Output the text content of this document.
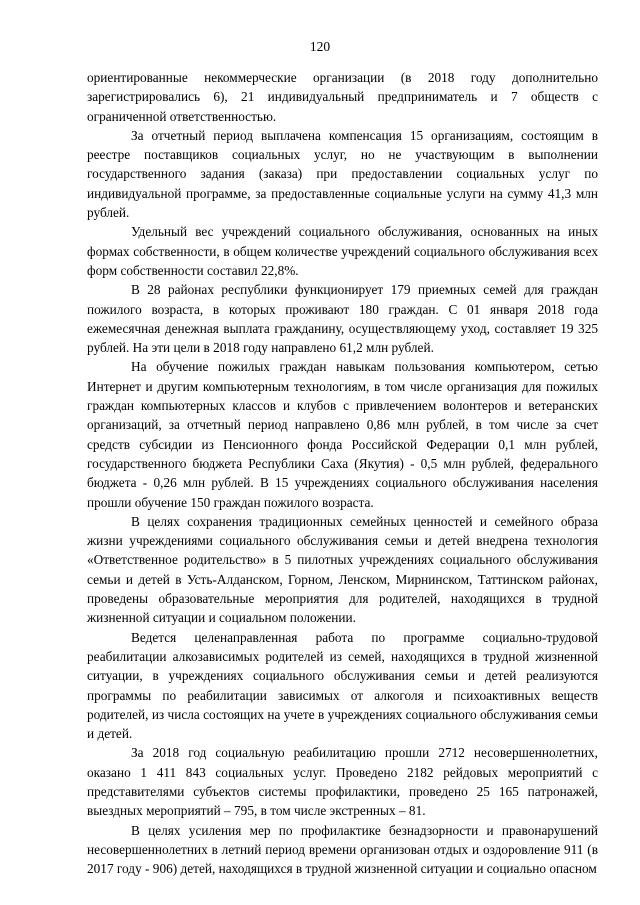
120

ориентированные некоммерческие организации (в 2018 году дополнительно зарегистрировались 6), 21 индивидуальный предприниматель и 7 обществ с ограниченной ответственностью.

За отчетный период выплачена компенсация 15 организациям, состоящим в реестре поставщиков социальных услуг, но не участвующим в выполнении государственного задания (заказа) при предоставлении социальных услуг по индивидуальной программе, за предоставленные социальные услуги на сумму 41,3 млн рублей.

Удельный вес учреждений социального обслуживания, основанных на иных формах собственности, в общем количестве учреждений социального обслуживания всех форм собственности составил 22,8%.

В 28 районах республики функционирует 179 приемных семей для граждан пожилого возраста, в которых проживают 180 граждан. С 01 января 2018 года ежемесячная денежная выплата гражданину, осуществляющему уход, составляет 19 325 рублей. На эти цели в 2018 году направлено 61,2 млн рублей.

На обучение пожилых граждан навыкам пользования компьютером, сетью Интернет и другим компьютерным технологиям, в том числе организация для пожилых граждан компьютерных классов и клубов с привлечением волонтеров и ветеранских организаций, за отчетный период направлено 0,86 млн рублей, в том числе за счет средств субсидии из Пенсионного фонда Российской Федерации 0,1 млн рублей, государственного бюджета Республики Саха (Якутия) - 0,5 млн рублей, федерального бюджета - 0,26 млн рублей. В 15 учреждениях социального обслуживания населения прошли обучение 150 граждан пожилого возраста.

В целях сохранения традиционных семейных ценностей и семейного образа жизни учреждениями социального обслуживания семьи и детей внедрена технология «Ответственное родительство» в 5 пилотных учреждениях социального обслуживания семьи и детей в Усть-Алданском, Горном, Ленском, Мирнинском, Таттинском районах, проведены образовательные мероприятия для родителей, находящихся в трудной жизненной ситуации и социальном положении.

Ведется целенаправленная работа по программе социально-трудовой реабилитации алкозависимых родителей из семей, находящихся в трудной жизненной ситуации, в учреждениях социального обслуживания семьи и детей реализуются программы по реабилитации зависимых от алкоголя и психоактивных веществ родителей, из числа состоящих на учете в учреждениях социального обслуживания семьи и детей.

За 2018 год социальную реабилитацию прошли 2712 несовершеннолетних, оказано 1 411 843 социальных услуг. Проведено 2182 рейдовых мероприятий с представителями субъектов системы профилактики, проведено 25 165 патронажей, выездных мероприятий – 795, в том числе экстренных – 81.

В целях усиления мер по профилактике безнадзорности и правонарушений несовершеннолетних в летний период времени организован отдых и оздоровление 911 (в 2017 году - 906) детей, находящихся в трудной жизненной ситуации и социально опасном
